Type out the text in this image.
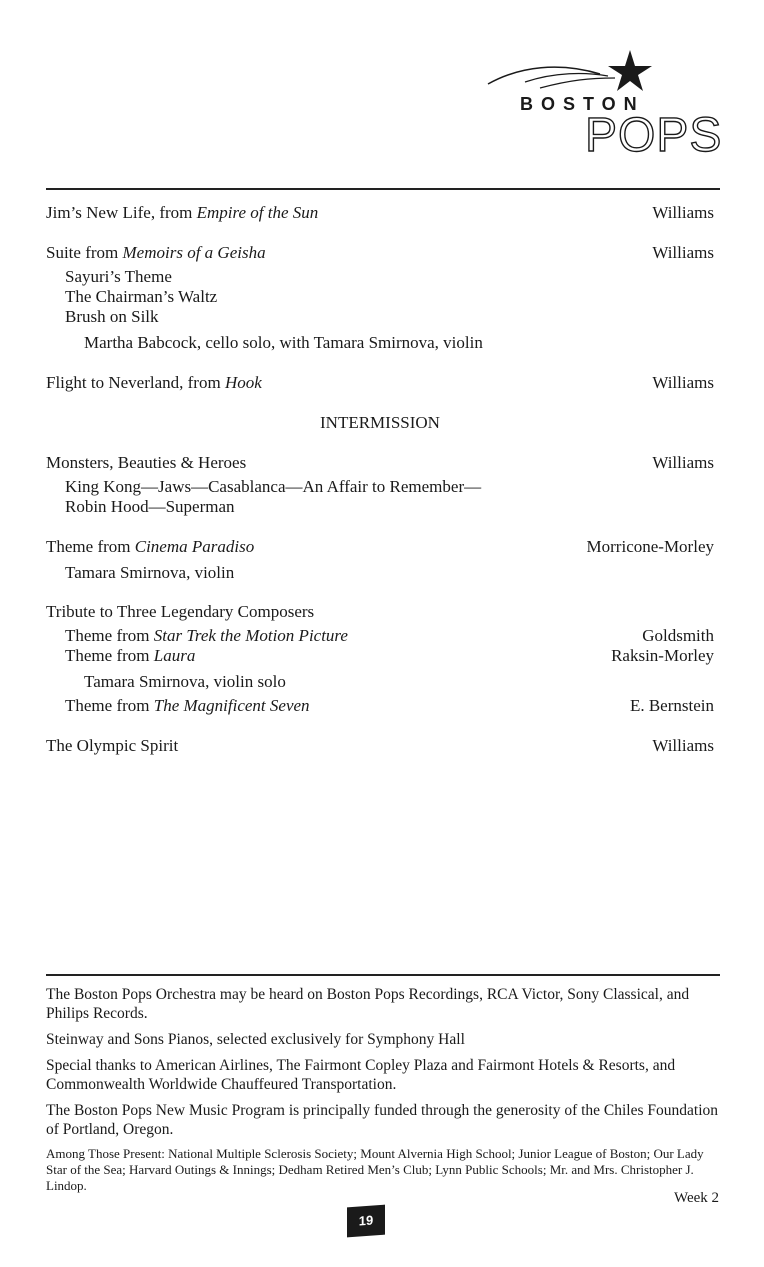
BOSTON
POPS
Jim’s New Life, from Empire of the Sun	Williams
Suite from Memoirs of a Geisha	Williams
Sayuri’s Theme
The Chairman’s Waltz
Brush on Silk
Martha Babcock, cello solo, with Tamara Smirnova, violin
Flight to Neverland, from Hook	Williams
INTERMISSION
Monsters, Beauties & Heroes	Williams
King Kong—Jaws—Casablanca—An Affair to Remember—
Robin Hood—Superman
Theme from Cinema Paradiso	Morricone-Morley
Tamara Smirnova, violin
Tribute to Three Legendary Composers
Theme from Star Trek the Motion Picture	Goldsmith
Theme from Laura	Raksin-Morley
Tamara Smirnova, violin solo
Theme from The Magnificent Seven	E. Bernstein
The Olympic Spirit	Williams

The Boston Pops Orchestra may be heard on Boston Pops Recordings, RCA Victor, Sony Classical, and Philips Records.

Steinway and Sons Pianos, selected exclusively for Symphony Hall

Special thanks to American Airlines, The Fairmont Copley Plaza and Fairmont Hotels & Resorts, and Commonwealth Worldwide Chauffeured Transportation.

The Boston Pops New Music Program is principally funded through the generosity of the Chiles Foundation of Portland, Oregon.

Among Those Present: National Multiple Sclerosis Society; Mount Alvernia High School; Junior League of Boston; Our Lady Star of the Sea; Harvard Outings & Innings; Dedham Retired Men’s Club; Lynn Public Schools; Mr. and Mrs. Christopher J. Lindop.

Week 2
19
